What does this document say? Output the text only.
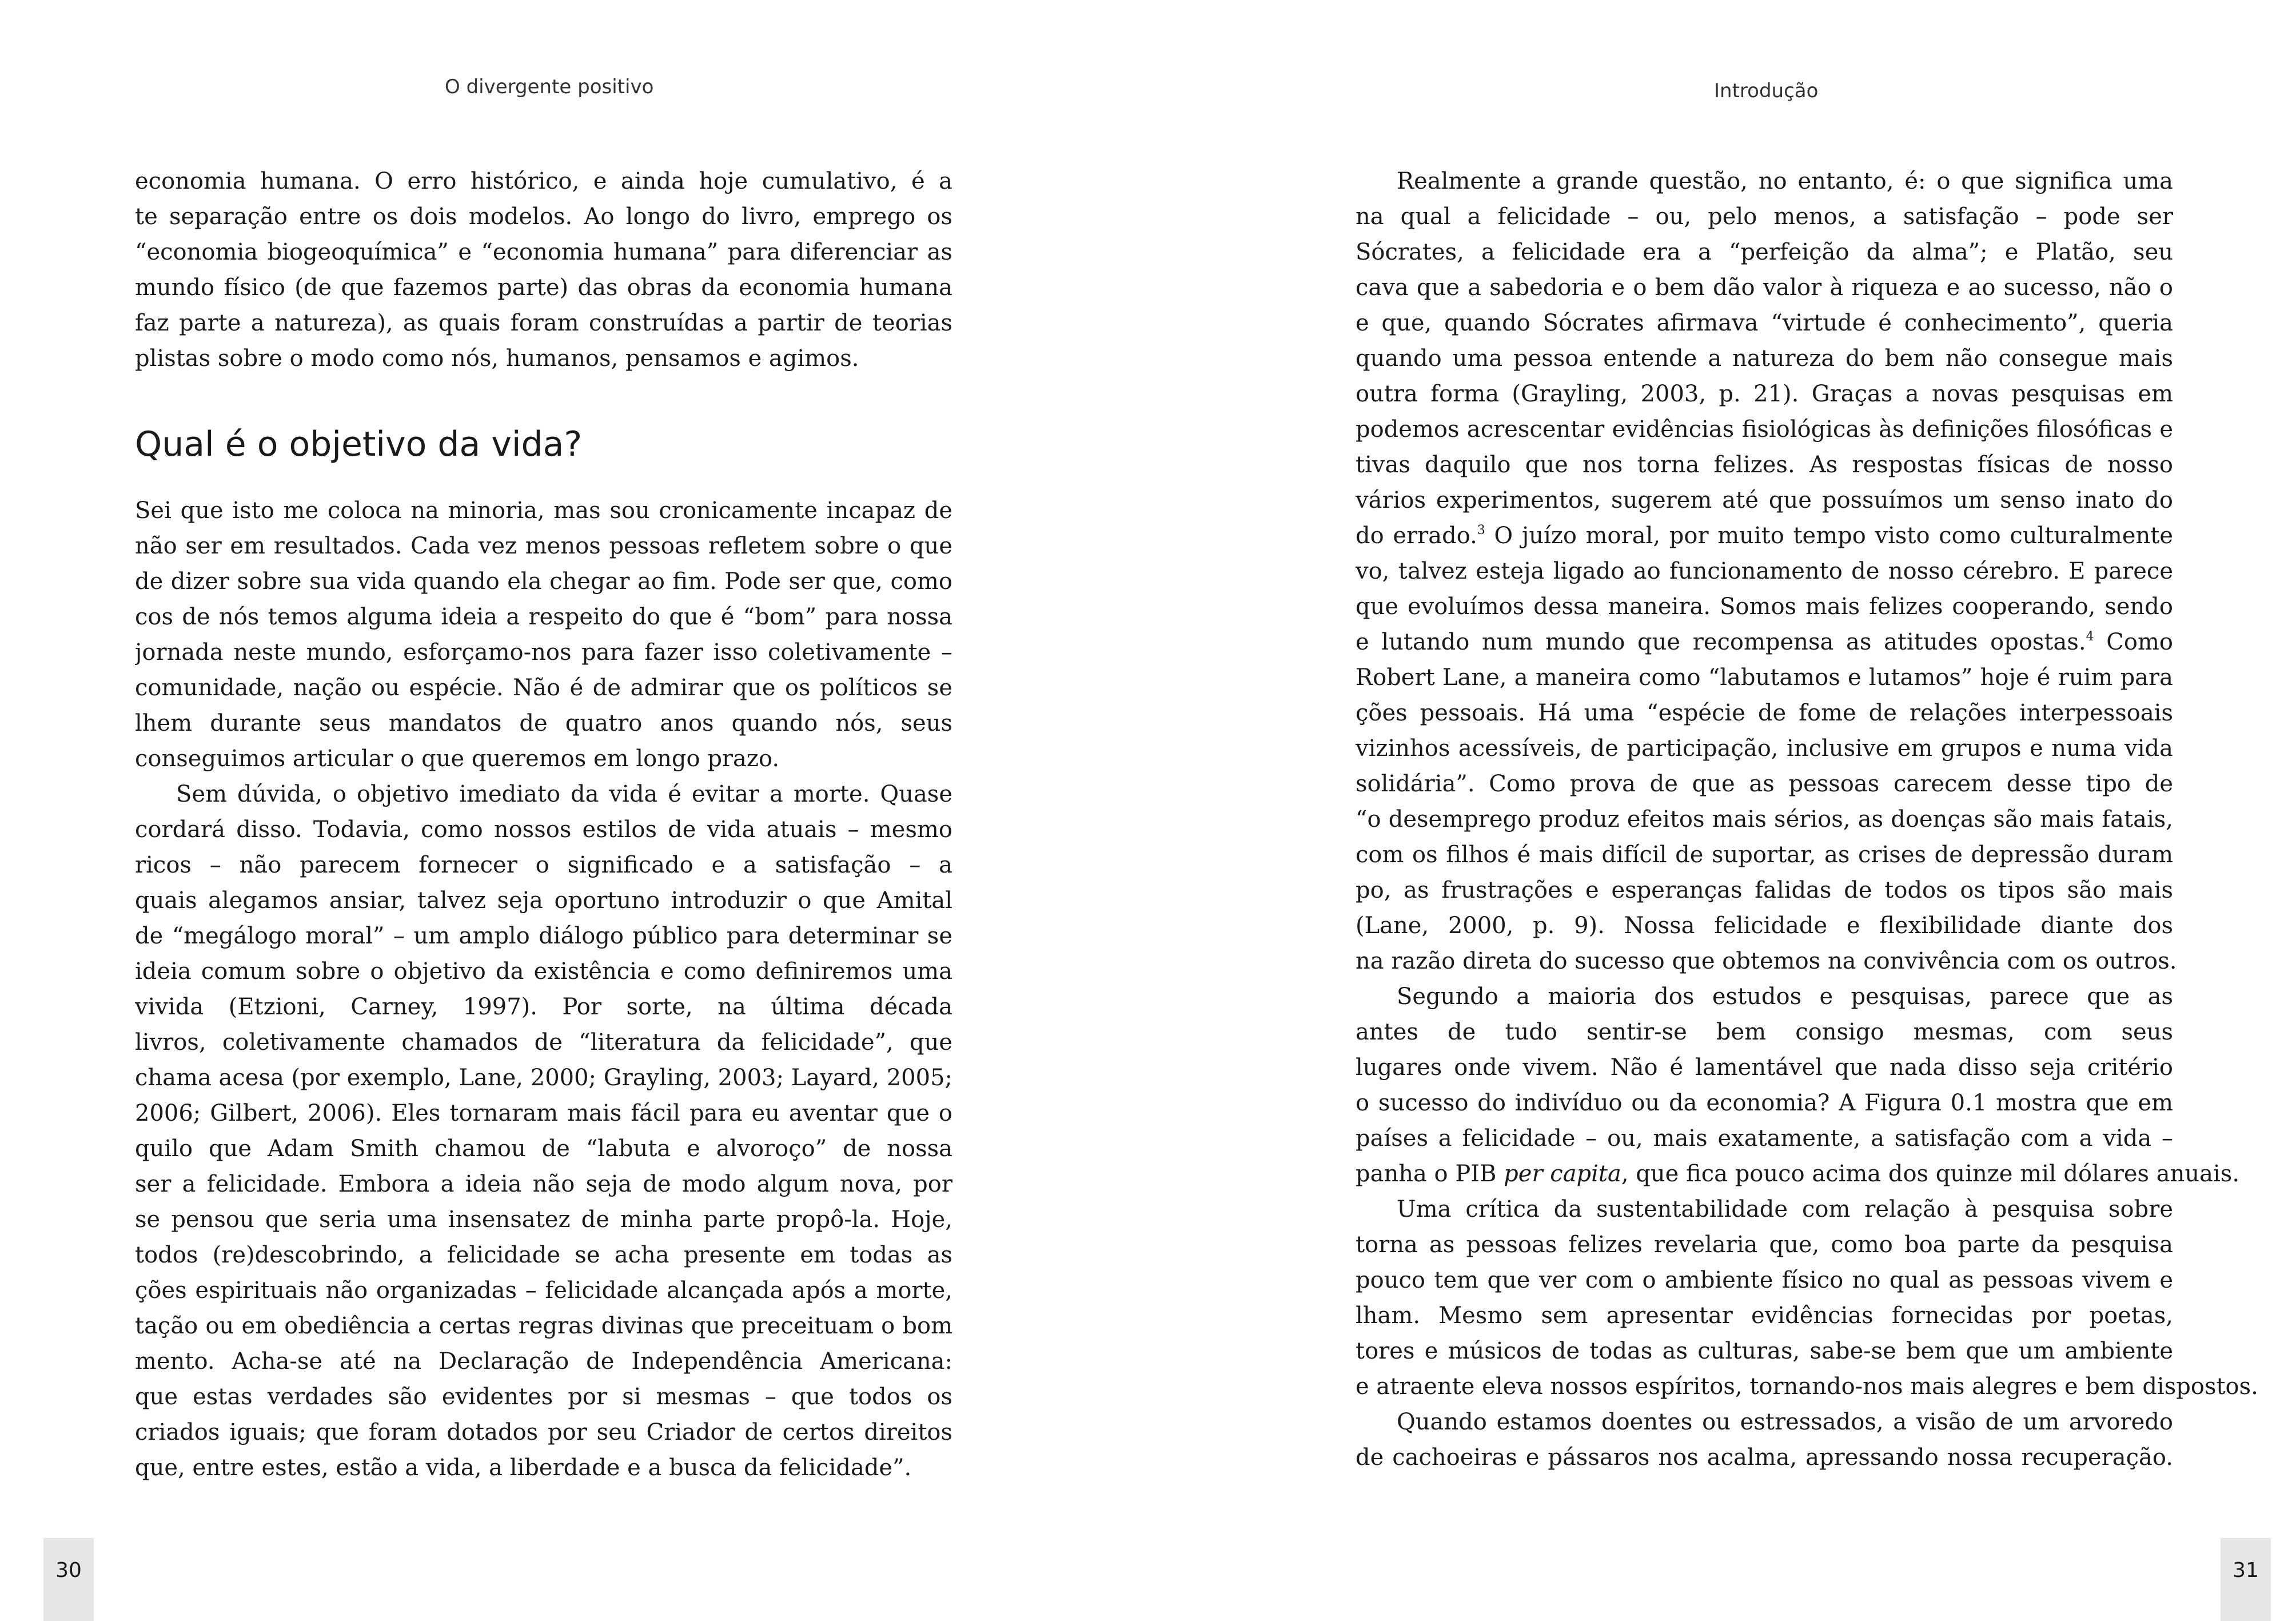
O divergente positivo
economia humana. O erro histórico, e ainda hoje cumulativo, é a
te separação entre os dois modelos. Ao longo do livro, emprego os
“economia biogeoquímica” e “economia humana” para diferenciar as
mundo físico (de que fazemos parte) das obras da economia humana
faz parte a natureza), as quais foram construídas a partir de teorias
plistas sobre o modo como nós, humanos, pensamos e agimos.
Qual é o objetivo da vida?
Sei que isto me coloca na minoria, mas sou cronicamente incapaz de
não ser em resultados. Cada vez menos pessoas refletem sobre o que
de dizer sobre sua vida quando ela chegar ao fim. Pode ser que, como
cos de nós temos alguma ideia a respeito do que é “bom” para nossa
jornada neste mundo, esforçamo-nos para fazer isso coletivamente –
comunidade, nação ou espécie. Não é de admirar que os políticos se
lhem durante seus mandatos de quatro anos quando nós, seus
conseguimos articular o que queremos em longo prazo.
Sem dúvida, o objetivo imediato da vida é evitar a morte. Quase
cordará disso. Todavia, como nossos estilos de vida atuais – mesmo
ricos – não parecem fornecer o significado e a satisfação – a
quais alegamos ansiar, talvez seja oportuno introduzir o que Amital
de “megálogo moral” – um amplo diálogo público para determinar se
ideia comum sobre o objetivo da existência e como definiremos uma
vivida (Etzioni, Carney, 1997). Por sorte, na última década
livros, coletivamente chamados de “literatura da felicidade”, que
chama acesa (por exemplo, Lane, 2000; Grayling, 2003; Layard, 2005;
2006; Gilbert, 2006). Eles tornaram mais fácil para eu aventar que o
quilo que Adam Smith chamou de “labuta e alvoroço” de nossa
ser a felicidade. Embora a ideia não seja de modo algum nova, por
se pensou que seria uma insensatez de minha parte propô-la. Hoje,
todos (re)descobrindo, a felicidade se acha presente em todas as
ções espirituais não organizadas – felicidade alcançada após a morte,
tação ou em obediência a certas regras divinas que preceituam o bom
mento. Acha-se até na Declaração de Independência Americana:
que estas verdades são evidentes por si mesmas – que todos os
criados iguais; que foram dotados por seu Criador de certos direitos
que, entre estes, estão a vida, a liberdade e a busca da felicidade”.
30
Introdução
Realmente a grande questão, no entanto, é: o que significa uma
na qual a felicidade – ou, pelo menos, a satisfação – pode ser
Sócrates, a felicidade era a “perfeição da alma”; e Platão, seu
cava que a sabedoria e o bem dão valor à riqueza e ao sucesso, não o
e que, quando Sócrates afirmava “virtude é conhecimento”, queria
quando uma pessoa entende a natureza do bem não consegue mais
outra forma (Grayling, 2003, p. 21). Graças a novas pesquisas em
podemos acrescentar evidências fisiológicas às definições filosóficas e
tivas daquilo que nos torna felizes. As respostas físicas de nosso
vários experimentos, sugerem até que possuímos um senso inato do
do errado.$^3$ O juízo moral, por muito tempo visto como culturalmente
vo, talvez esteja ligado ao funcionamento de nosso cérebro. E parece
que evoluímos dessa maneira. Somos mais felizes cooperando, sendo
e lutando num mundo que recompensa as atitudes opostas.$^4$ Como
Robert Lane, a maneira como “labutamos e lutamos” hoje é ruim para
ções pessoais. Há uma “espécie de fome de relações interpessoais
vizinhos acessíveis, de participação, inclusive em grupos e numa vida
solidária”. Como prova de que as pessoas carecem desse tipo de
“o desemprego produz efeitos mais sérios, as doenças são mais fatais,
com os filhos é mais difícil de suportar, as crises de depressão duram
po, as frustrações e esperanças falidas de todos os tipos são mais
(Lane, 2000, p. 9). Nossa felicidade e flexibilidade diante dos
na razão direta do sucesso que obtemos na convivência com os outros.
Segundo a maioria dos estudos e pesquisas, parece que as
antes de tudo sentir-se bem consigo mesmas, com seus
lugares onde vivem. Não é lamentável que nada disso seja critério
o sucesso do indivíduo ou da economia? A Figura 0.1 mostra que em
países a felicidade – ou, mais exatamente, a satisfação com a vida –
panha o PIB per capita, que fica pouco acima dos quinze mil dólares anuais.
Uma crítica da sustentabilidade com relação à pesquisa sobre
torna as pessoas felizes revelaria que, como boa parte da pesquisa
pouco tem que ver com o ambiente físico no qual as pessoas vivem e
lham. Mesmo sem apresentar evidências fornecidas por poetas,
tores e músicos de todas as culturas, sabe-se bem que um ambiente
e atraente eleva nossos espíritos, tornando-nos mais alegres e bem dispostos.
Quando estamos doentes ou estressados, a visão de um arvoredo
de cachoeiras e pássaros nos acalma, apressando nossa recuperação.
31
